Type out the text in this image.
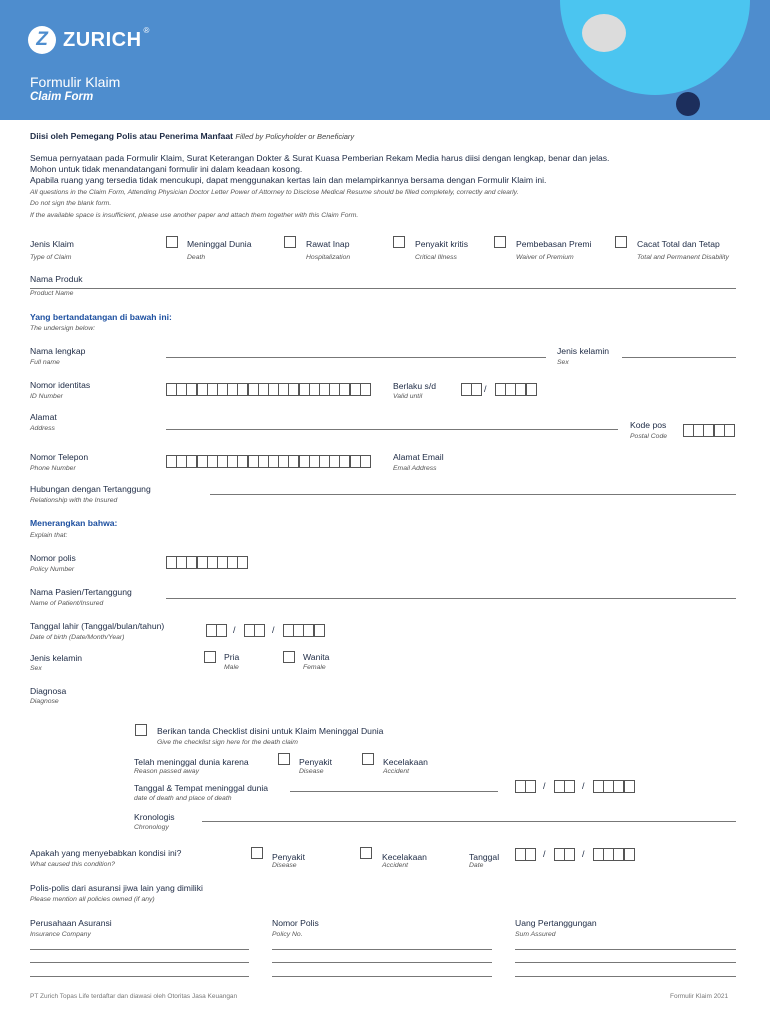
Z ZURICH ®
Formulir Klaim
Claim Form
Diisi oleh Pemegang Polis atau Penerima Manfaat Filled by Policyholder or Beneficiary
Semua pernyataan pada Formulir Klaim, Surat Keterangan Dokter & Surat Kuasa Pemberian Rekam Media harus diisi dengan lengkap, benar dan jelas.
Mohon untuk tidak menandatangani formulir ini dalam keadaan kosong.
Apabila ruang yang tersedia tidak mencukupi, dapat menggunakan kertas lain dan melampirkannya bersama dengan Formulir Klaim ini.
All questions in the Claim Form, Attending Physician Doctor Letter Power of Attorney to Disclose Medical Resume should be filled completely, correctly and clearly.
Do not sign the blank form.
If the available space is insufficient, please use another paper and attach them together with this Claim Form.
Jenis Klaim
Type of Claim
Meninggal Dunia
Death
Rawat Inap
Hospitalization
Penyakit kritis
Critical Illness
Pembebasan Premi
Waiver of Premium
Cacat Total dan Tetap
Total and Permanent Disability
Nama Produk
Product Name
Yang bertandatangan di bawah ini:
The undersign below:
Nama lengkap
Full name
Jenis kelamin
Sex
Nomor identitas
ID Number
Berlaku s/d
Valid until
/
Alamat
Address	Kode pos
Postal Code
Nomor Telepon
Phone Number
Alamat Email
Email Address
Hubungan dengan Tertanggung
Relationship with the Insured
Menerangkan bahwa:
Explain that:
Nomor polis
Policy Number
Nama Pasien/Tertanggung
Name of Patient/Insured
Tanggal lahir (Tanggal/bulan/tahun)
Date of birth (Date/Month/Year)
/	/
Jenis kelamin
Sex
Pria
Male
Wanita
Female
Diagnosa
Diagnose
Berikan tanda Checklist disini untuk Klaim Meninggal Dunia
Give the checklist sign here for the death claim
Telah meninggal dunia karena
Reason passed away
Penyakit
Disease
Kecelakaan
Accident
Tanggal & Tempat meninggal dunia
date of death and place of death
/	/
Kronologis
Chronology
Apakah yang menyebabkan kondisi ini?
What caused this condition?
Penyakit
Disease
Kecelakaan
Accident
Tanggal
Date
/	/
Polis-polis dari asuransi jiwa lain yang dimiliki
Please mention all policies owned (if any)
Perusahaan Asuransi
Insurance Company
Nomor Polis
Policy No.
Uang Pertanggungan
Sum Assured
PT Zurich Topas Life terdaftar dan diawasi oleh Otoritas Jasa Keuangan	Formulir Klaim 2021
